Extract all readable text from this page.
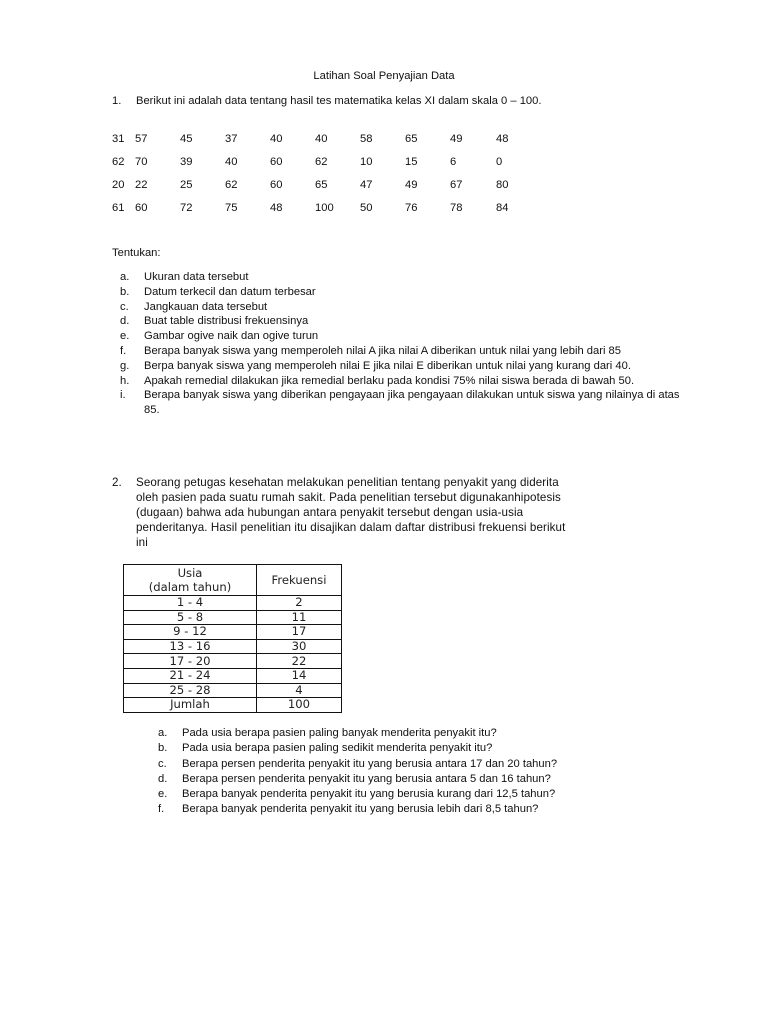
Latihan Soal Penyajian Data
1. Berikut ini adalah data tentang hasil tes matematika kelas XI dalam skala 0 – 100.
31 57	45	37	40	40	58	65	49	48
62 70	39	40	60	62	10	15	6	0
20 22	25	62	60	65	47	49	67	80
61 60	72	75	48	100 50	76	78	84
Tentukan:
a. Ukuran data tersebut
b. Datum terkecil dan datum terbesar
c. Jangkauan data tersebut
d. Buat table distribusi frekuensinya
e. Gambar ogive naik dan ogive turun
f. Berapa banyak siswa yang memperoleh nilai A jika nilai A diberikan untuk nilai yang lebih dari 85
g. Berpa banyak siswa yang memperoleh nilai E jika nilai E diberikan untuk nilai yang kurang dari 40.
h. Apakah remedial dilakukan jika remedial berlaku pada kondisi 75% nilai siswa berada di bawah 50.
i. Berapa banyak siswa yang diberikan pengayaan jika pengayaan dilakukan untuk siswa yang nilainya di atas 85.
2. Seorang petugas kesehatan melakukan penelitian tentang penyakit yang diderita
oleh pasien pada suatu rumah sakit. Pada penelitian tersebut digunakanhipotesis
(dugaan) bahwa ada hubungan antara penyakit tersebut dengan usia-usia
penderitanya. Hasil penelitian itu disajikan dalam daftar distribusi frekuensi berikut
ini
Usia
(dalam tahun)	Frekuensi
1 - 4	2
5 - 8	11
9 - 12	17
13 - 16	30
17 - 20	22
21 - 24	14
25 - 28	4
Jumlah	100
a. Pada usia berapa pasien paling banyak menderita penyakit itu?
b. Pada usia berapa pasien paling sedikit menderita penyakit itu?
c. Berapa persen penderita penyakit itu yang berusia antara 17 dan 20 tahun?
d. Berapa persen penderita penyakit itu yang berusia antara 5 dan 16 tahun?
e. Berapa banyak penderita penyakit itu yang berusia kurang dari 12,5 tahun?
f. Berapa banyak penderita penyakit itu yang berusia lebih dari 8,5 tahun?
